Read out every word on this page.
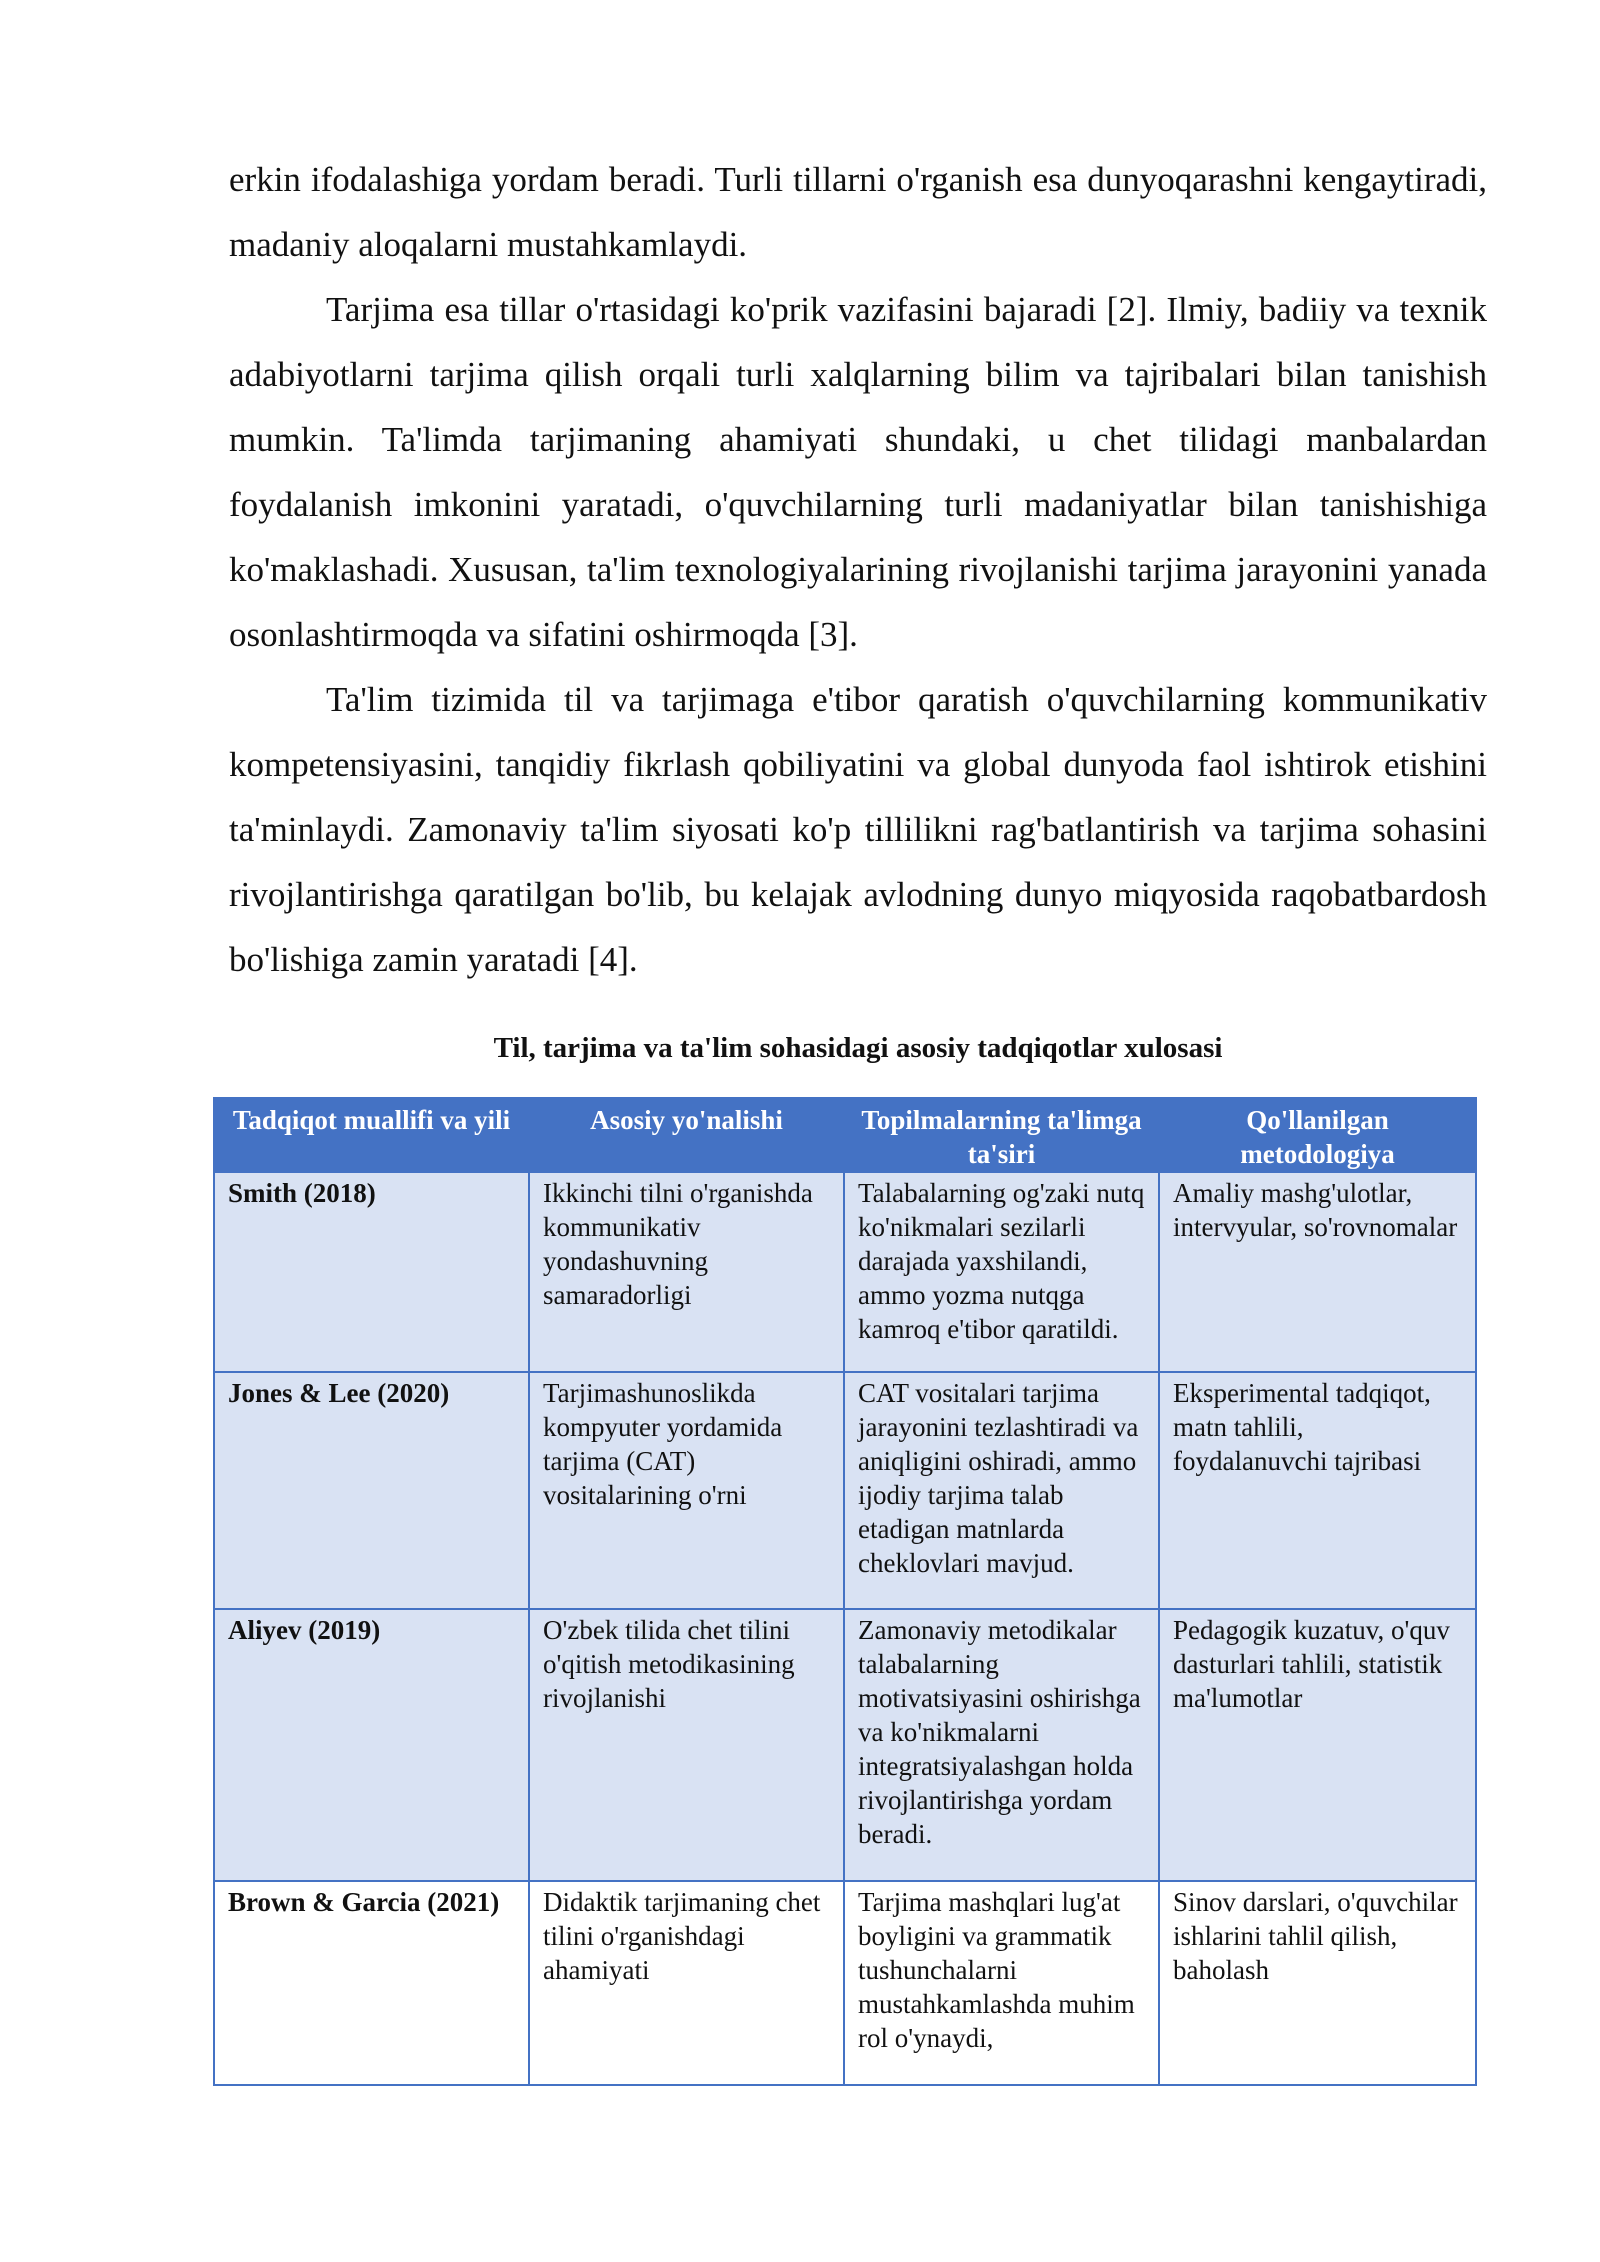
erkin ifodalashiga yordam beradi. Turli tillarni o'rganish esa dunyoqarashni kengaytiradi, madaniy aloqalarni mustahkamlaydi.

Tarjima esa tillar o'rtasidagi ko'prik vazifasini bajaradi [2]. Ilmiy, badiiy va texnik adabiyotlarni tarjima qilish orqali turli xalqlarning bilim va tajribalari bilan tanishish mumkin. Ta'limda tarjimaning ahamiyati shundaki, u chet tilidagi manbalardan foydalanish imkonini yaratadi, o'quvchilarning turli madaniyatlar bilan tanishishiga ko'maklashadi. Xususan, ta'lim texnologiyalarining rivojlanishi tarjima jarayonini yanada osonlashtirmoqda va sifatini oshirmoqda [3].

Ta'lim tizimida til va tarjimaga e'tibor qaratish o'quvchilarning kommunikativ kompetensiyasini, tanqidiy fikrlash qobiliyatini va global dunyoda faol ishtirok etishini ta'minlaydi. Zamonaviy ta'lim siyosati ko'p tillilikni rag'batlantirish va tarjima sohasini rivojlantirishga qaratilgan bo'lib, bu kelajak avlodning dunyo miqyosida raqobatbardosh bo'lishiga zamin yaratadi [4].

Til, tarjima va ta'lim sohasidagi asosiy tadqiqotlar xulosasi
Tadqiqot muallifi va yili	Asosiy yo'nalishi	Topilmalarning ta'limga ta'siri	Qo'llanilgan metodologiya
Smith (2018)	Ikkinchi tilni o'rganishda kommunikativ yondashuvning samaradorligi	Talabalarning og'zaki nutq ko'nikmalari sezilarli darajada yaxshilandi, ammo yozma nutqga kamroq e'tibor qaratildi.	Amaliy mashg'ulotlar, intervyular, so'rovnomalar
Jones & Lee (2020)	Tarjimashunoslikda kompyuter yordamida tarjima (CAT) vositalarining o'rni	CAT vositalari tarjima jarayonini tezlashtiradi va aniqligini oshiradi, ammo ijodiy tarjima talab etadigan matnlarda cheklovlari mavjud.	Eksperimental tadqiqot, matn tahlili, foydalanuvchi tajribasi
Aliyev (2019)	O'zbek tilida chet tilini o'qitish metodikasining rivojlanishi	Zamonaviy metodikalar talabalarning motivatsiyasini oshirishga va ko'nikmalarni integratsiyalashgan holda rivojlantirishga yordam beradi.	Pedagogik kuzatuv, o'quv dasturlari tahlili, statistik ma'lumotlar
Brown & Garcia (2021)	Didaktik tarjimaning chet tilini o'rganishdagi ahamiyati	Tarjima mashqlari lug'at boyligini va grammatik tushunchalarni mustahkamlashda muhim rol o'ynaydi,	Sinov darslari, o'quvchilar ishlarini tahlil qilish, baholash
